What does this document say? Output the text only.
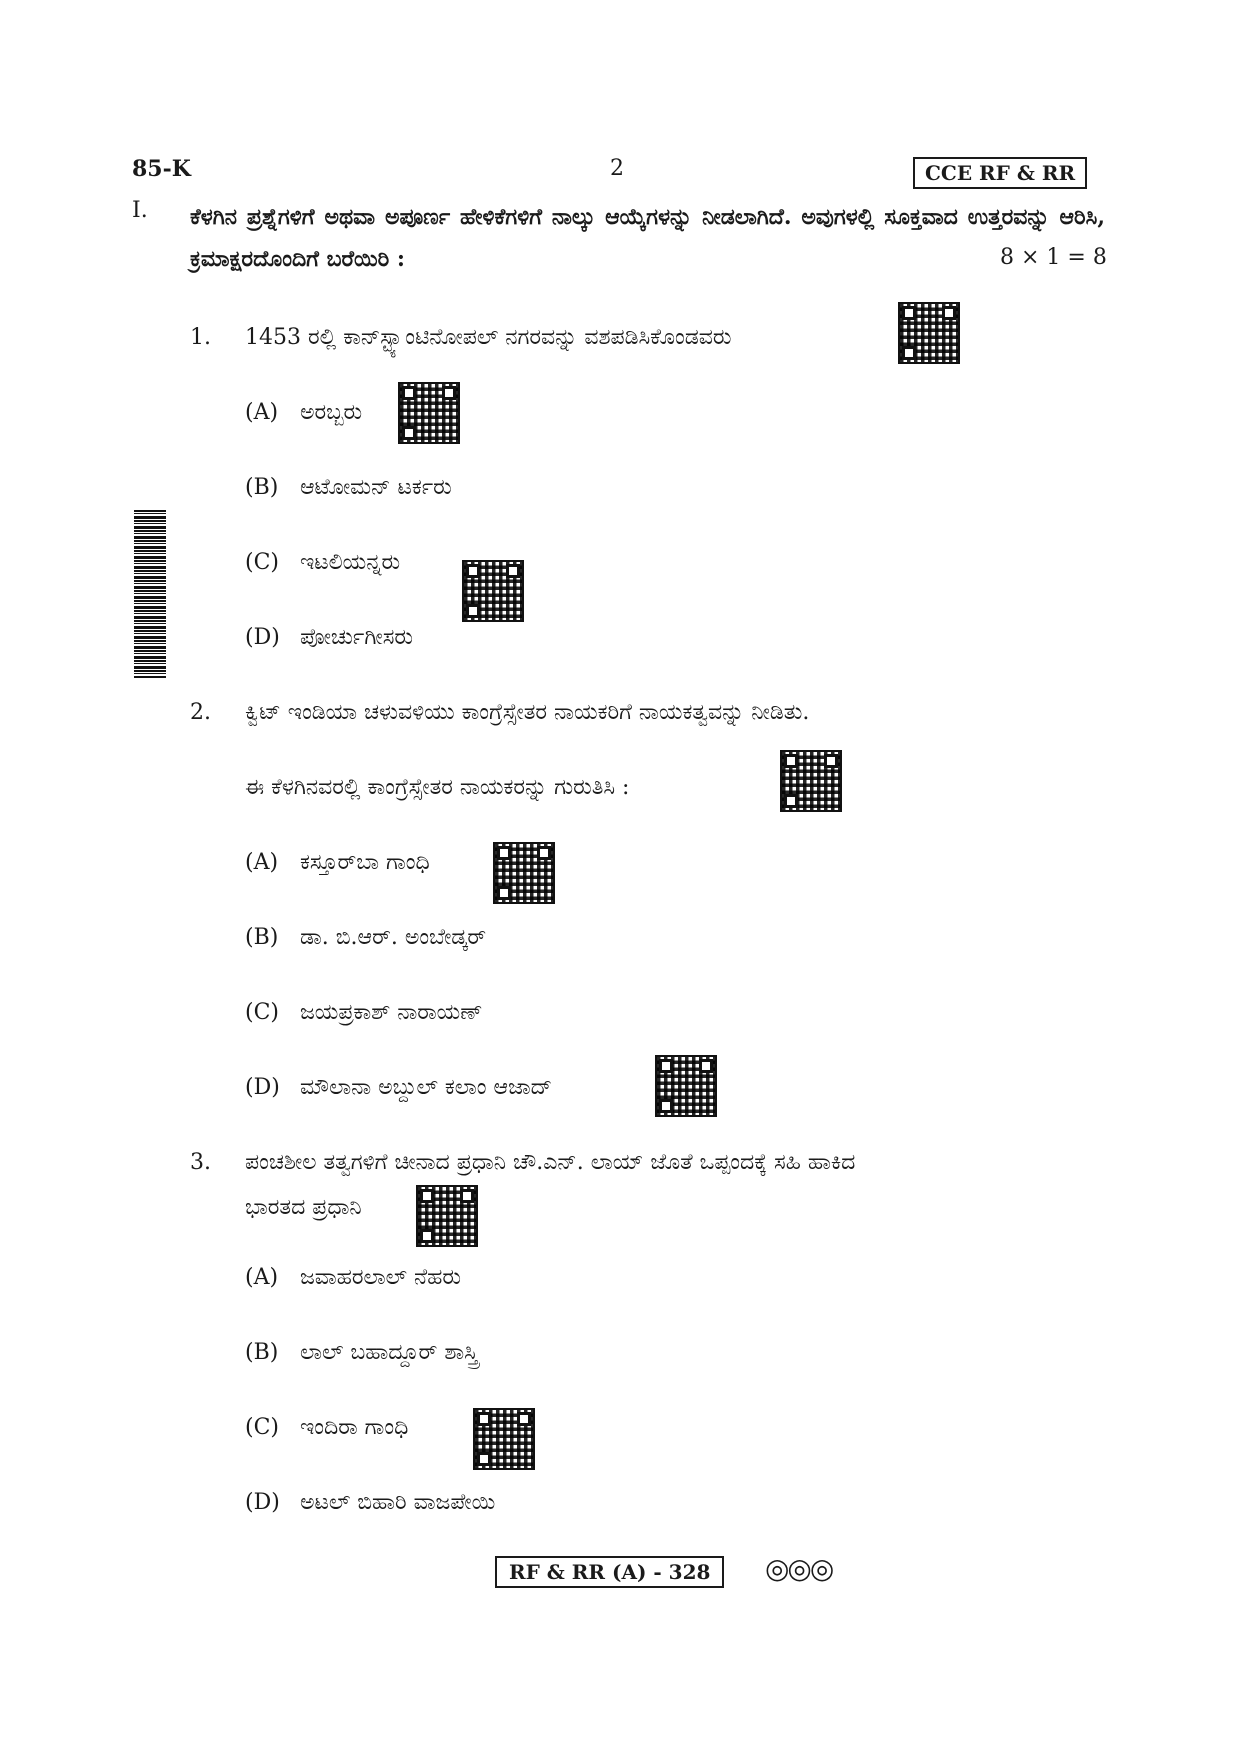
85-K	2	CCE RF & RR
I. ಕೆಳಗಿನ ಪ್ರಶ್ನೆಗಳಿಗೆ ಅಥವಾ ಅಪೂರ್ಣ ಹೇಳಿಕೆಗಳಿಗೆ ನಾಲ್ಕು ಆಯ್ಕೆಗಳನ್ನು ನೀಡಲಾಗಿದೆ. ಅವುಗಳಲ್ಲಿ ಸೂಕ್ತವಾದ ಉತ್ತರವನ್ನು ಆರಿಸಿ, ಕ್ರಮಾಕ್ಷರದೊಂದಿಗೆ ಬರೆಯಿರಿ :	8 × 1 = 8
1. 1453 ರಲ್ಲಿ ಕಾನ್‌ಸ್ಟ್ಯಾಂಟಿನೋಪಲ್ ನಗರವನ್ನು ವಶಪಡಿಸಿಕೊಂಡವರು
(A) ಅರಬ್ಬರು
(B) ಆಟೋಮನ್ ಟರ್ಕರು
(C) ಇಟಲಿಯನ್ನರು
(D) ಪೋರ್ಚುಗೀಸರು
2. ಕ್ವಿಟ್ ಇಂಡಿಯಾ ಚಳುವಳಿಯು ಕಾಂಗ್ರೆಸ್ಸೇತರ ನಾಯಕರಿಗೆ ನಾಯಕತ್ವವನ್ನು ನೀಡಿತು.
ಈ ಕೆಳಗಿನವರಲ್ಲಿ ಕಾಂಗ್ರೆಸ್ಸೇತರ ನಾಯಕರನ್ನು ಗುರುತಿಸಿ :
(A) ಕಸ್ತೂರ್‌ಬಾ ಗಾಂಧಿ
(B) ಡಾ. ಬಿ.ಆರ್. ಅಂಬೇಡ್ಕರ್
(C) ಜಯಪ್ರಕಾಶ್ ನಾರಾಯಣ್
(D) ಮೌಲಾನಾ ಅಬ್ದುಲ್ ಕಲಾಂ ಆಜಾದ್
3. ಪಂಚಶೀಲ ತತ್ವಗಳಿಗೆ ಚೀನಾದ ಪ್ರಧಾನಿ ಚೌ.ಎನ್. ಲಾಯ್ ಜೊತೆ ಒಪ್ಪಂದಕ್ಕೆ ಸಹಿ ಹಾಕಿದ
ಭಾರತದ ಪ್ರಧಾನಿ
(A) ಜವಾಹರಲಾಲ್ ನೆಹರು
(B) ಲಾಲ್ ಬಹಾದ್ದೂರ್ ಶಾಸ್ತ್ರಿ
(C) ಇಂದಿರಾ ಗಾಂಧಿ
(D) ಅಟಲ್ ಬಿಹಾರಿ ವಾಜಪೇಯಿ
RF & RR (A) - 328	◎◎◎
